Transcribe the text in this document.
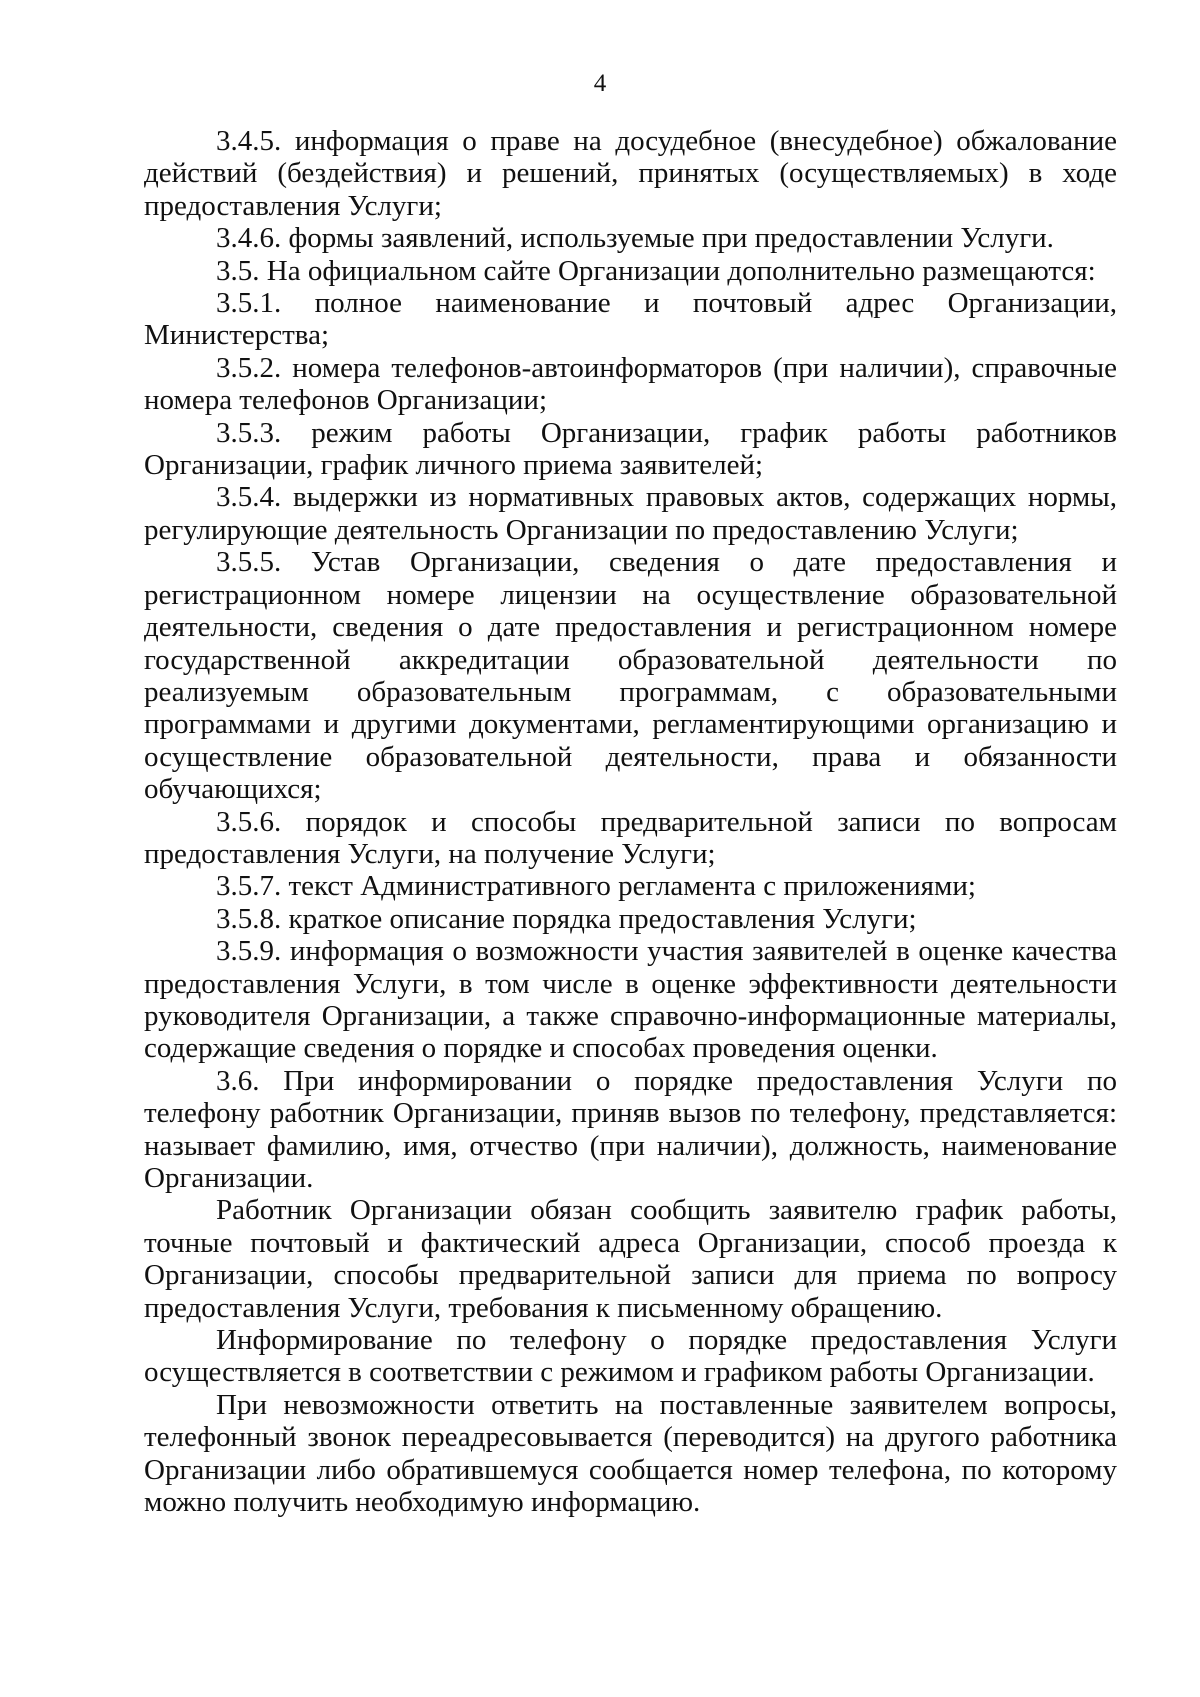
4

3.4.5. информация о праве на досудебное (внесудебное) обжалование действий (бездействия) и решений, принятых (осуществляемых) в ходе предоставления Услуги;

3.4.6. формы заявлений, используемые при предоставлении Услуги.

3.5. На официальном сайте Организации дополнительно размещаются:

3.5.1. полное наименование и почтовый адрес Организации, Министерства;

3.5.2. номера телефонов-автоинформаторов (при наличии), справочные номера телефонов Организации;

3.5.3. режим работы Организации, график работы работников Организации, график личного приема заявителей;

3.5.4. выдержки из нормативных правовых актов, содержащих нормы, регулирующие деятельность Организации по предоставлению Услуги;

3.5.5. Устав Организации, сведения о дате предоставления и регистрационном номере лицензии на осуществление образовательной деятельности, сведения о дате предоставления и регистрационном номере государственной аккредитации образовательной деятельности по реализуемым образовательным программам, с образовательными программами и другими документами, регламентирующими организацию и осуществление образовательной деятельности, права и обязанности обучающихся;

3.5.6. порядок и способы предварительной записи по вопросам предоставления Услуги, на получение Услуги;

3.5.7. текст Административного регламента с приложениями;

3.5.8. краткое описание порядка предоставления Услуги;

3.5.9. информация о возможности участия заявителей в оценке качества предоставления Услуги, в том числе в оценке эффективности деятельности руководителя Организации, а также справочно-информационные материалы, содержащие сведения о порядке и способах проведения оценки.

3.6. При информировании о порядке предоставления Услуги по телефону работник Организации, приняв вызов по телефону, представляется: называет фамилию, имя, отчество (при наличии), должность, наименование Организации.

Работник Организации обязан сообщить заявителю график работы, точные почтовый и фактический адреса Организации, способ проезда к Организации, способы предварительной записи для приема по вопросу предоставления Услуги, требования к письменному обращению.

Информирование по телефону о порядке предоставления Услуги осуществляется в соответствии с режимом и графиком работы Организации.

При невозможности ответить на поставленные заявителем вопросы, телефонный звонок переадресовывается (переводится) на другого работника Организации либо обратившемуся сообщается номер телефона, по которому можно получить необходимую информацию.
